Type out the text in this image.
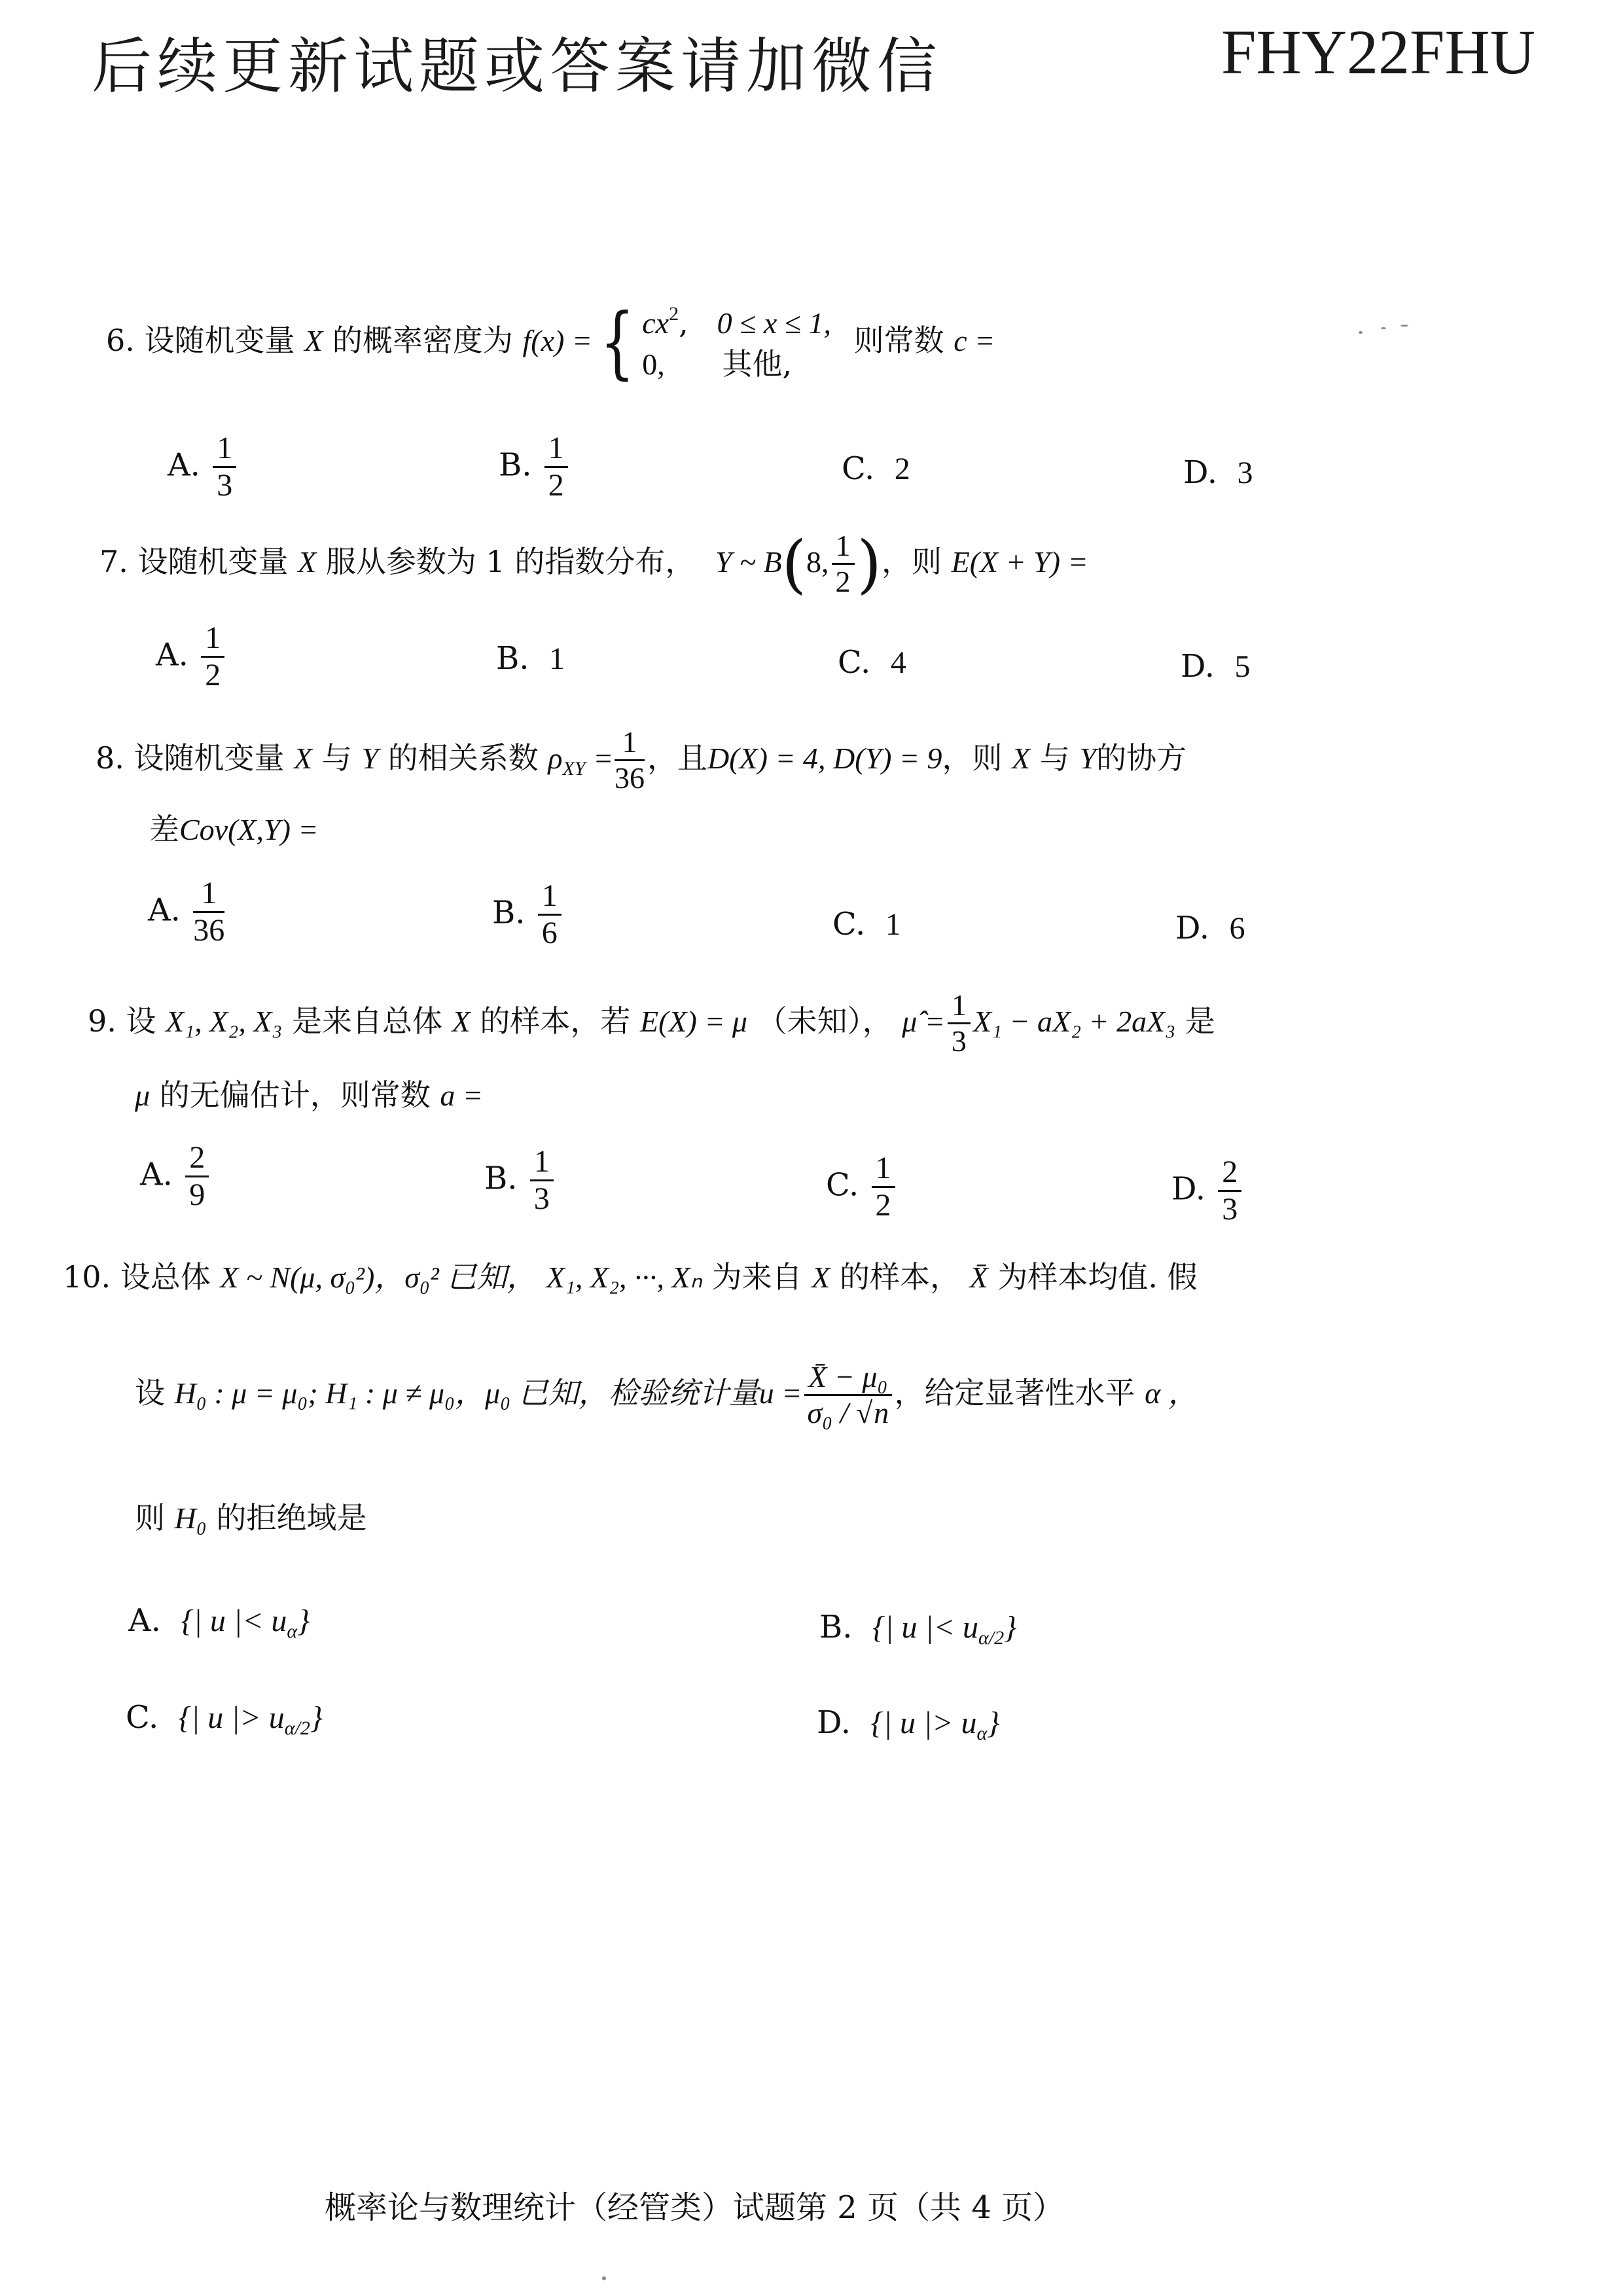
后续更新试题或答案请加微信	FHY22FHU
6. 设随机变量 X 的概率密度为 f(x) ={ $cx^2$,   0 ≤ x ≤ 1,
0, 其他,
则常数 c =
A. $\frac{1}{3}$	B. $\frac{1}{2}$	C. 2	D. 3
7. 设随机变量 X 服从参数为 1 的指数分布， Y ~ B(8, $\frac{1}{2}$ )，则 E(X + Y) =
A. $\frac{1}{2}$	B. 1	C. 4	D. 5
8. 设随机变量 X 与 Y 的相关系数 $\rho_{XY} = \frac{1}{36}$ ，且D(X) = 4, D(Y) = 9，则 X 与 Y的协方
差Cov(X,Y) =
A. $\frac{1}{36}$	B. $\frac{1}{6}$	C. 1	D. 6
9. 设 X₁, X₂, X₃ 是来自总体 X 的样本，若 E(X) = μ （未知）， μ̂ = $\frac{1}{3} X_1 - aX_2 + 2aX_3$ 是
μ 的无偏估计，则常数 a =
A. $\frac{2}{9}$	B. $\frac{1}{3}$	C. $\frac{1}{2}$	D. $\frac{2}{3}$
10. 设总体 X ~ N(μ, σ₀²)，σ₀² 已知， X₁, X₂, ···, Xₙ 为来自 X 的样本， X̄ 为样本均值. 假
设 H₀ : μ = μ₀; H₁ : μ ≠ μ₀，μ₀ 已知，检验统计量$u = \frac{\text{X̄ − μ₀}}{\text{σ₀ / √n}}$ ，给定显著性水平 α ，
则 H₀ 的拒绝域是
A. {| u |< $u_\alpha$}	B. {| u |< $u_{\alpha/2}$}
C. {| u |> $u_{\alpha/2}$}	D. {| u |> $u_\alpha$}
概率论与数理统计（经管类）试题第 2 页（共 4 页）
